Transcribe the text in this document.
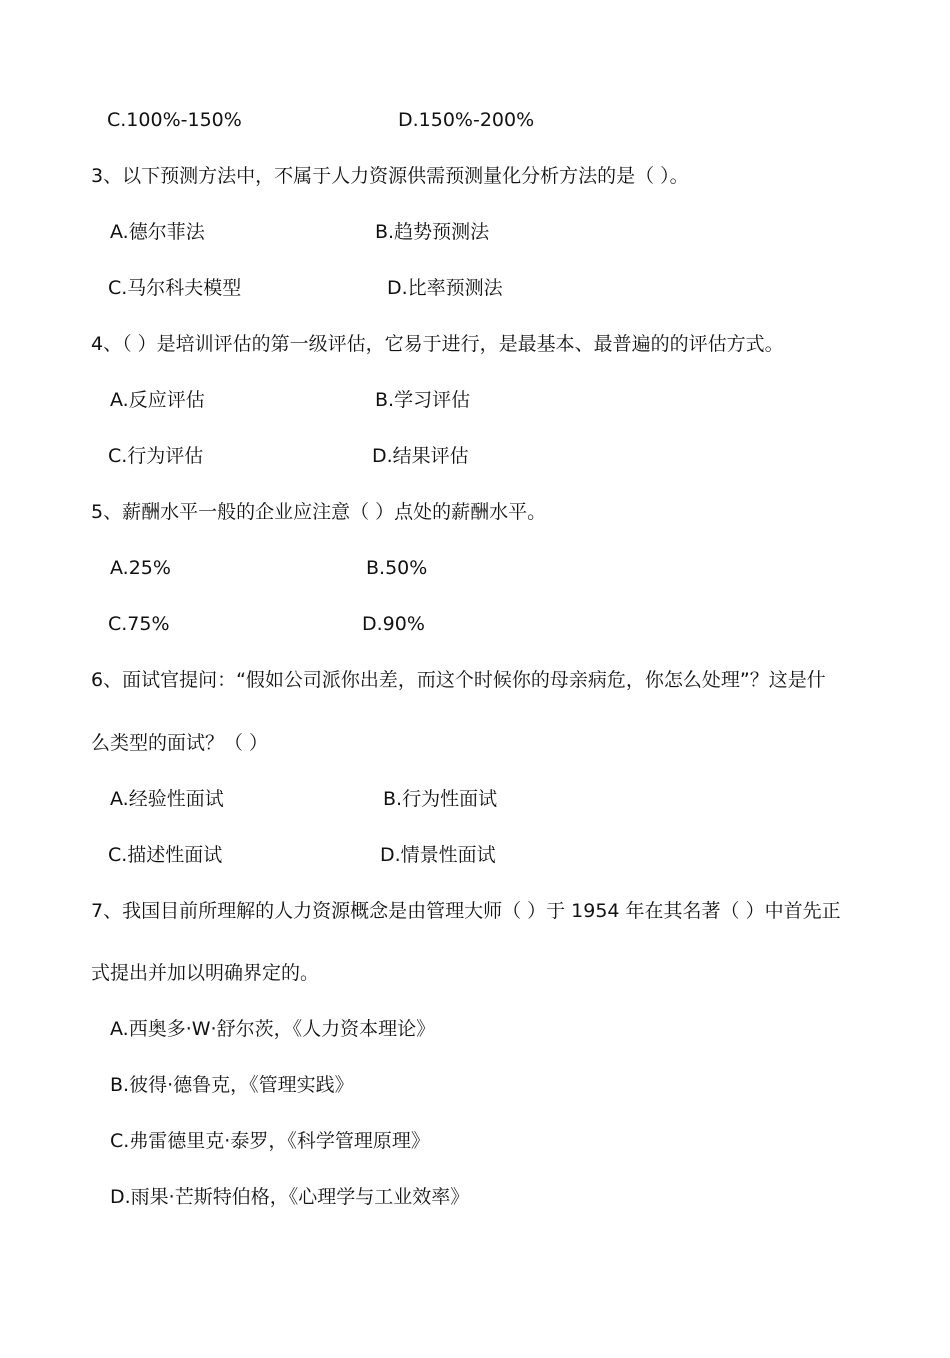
C.100%-150%	D.150%-200%
3、以下预测方法中，不属于人力资源供需预测量化分析方法的是（ ）。
A.德尔菲法	B.趋势预测法
C.马尔科夫模型	D.比率预测法
4、（ ）是培训评估的第一级评估，它易于进行，是最基本、最普遍的的评估方式。
A.反应评估	B.学习评估
C.行为评估	D.结果评估
5、薪酬水平一般的企业应注意（ ）点处的薪酬水平。
A.25%	B.50%
C.75%	D.90%
6、面试官提问：“假如公司派你出差，而这个时候你的母亲病危，你怎么处理”？这是什
么类型的面试？（ ）
A.经验性面试	B.行为性面试
C.描述性面试	D.情景性面试
7、我国目前所理解的人力资源概念是由管理大师（ ）于 1954 年在其名著（ ）中首先正
式提出并加以明确界定的。
A.西奥多·W·舒尔茨，《人力资本理论》
B.彼得·德鲁克，《管理实践》
C.弗雷德里克·泰罗，《科学管理原理》
D.雨果·芒斯特伯格，《心理学与工业效率》
